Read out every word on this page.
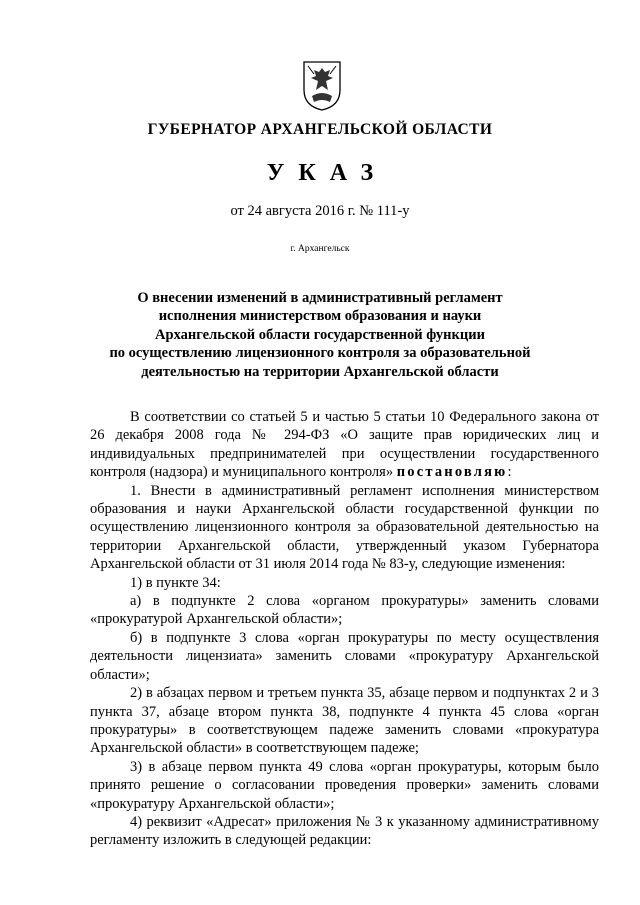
ГУБЕРНАТОР АРХАНГЕЛЬСКОЙ ОБЛАСТИ
УКАЗ
от 24 августа 2016 г. № 111-у
г. Архангельск
О внесении изменений в административный регламент
исполнения министерством образования и науки
Архангельской области государственной функции
по осуществлению лицензионного контроля за образовательной
деятельностью на территории Архангельской области

В соответствии со статьей 5 и частью 5 статьи 10 Федерального закона от 26 декабря 2008 года № 294-ФЗ «О защите прав юридических лиц и индивидуальных предпринимателей при осуществлении государственного контроля (надзора) и муниципального контроля» постановляю:

1. Внести в административный регламент исполнения министерством образования и науки Архангельской области государственной функции по осуществлению лицензионного контроля за образовательной деятельностью на территории Архангельской области, утвержденный указом Губернатора Архангельской области от 31 июля 2014 года № 83-у, следующие изменения:

1) в пункте 34:

а) в подпункте 2 слова «органом прокуратуры» заменить словами «прокуратурой Архангельской области»;

б) в подпункте 3 слова «орган прокуратуры по месту осуществления деятельности лицензиата» заменить словами «прокуратуру Архангельской области»;

2) в абзацах первом и третьем пункта 35, абзаце первом и подпунктах 2 и 3 пункта 37, абзаце втором пункта 38, подпункте 4 пункта 45 слова «орган прокуратуры» в соответствующем падеже заменить словами «прокуратура Архангельской области» в соответствующем падеже;

3) в абзаце первом пункта 49 слова «орган прокуратуры, которым было принято решение о согласовании проведения проверки» заменить словами «прокуратуру Архангельской области»;

4) реквизит «Адресат» приложения № 3 к указанному административному регламенту изложить в следующей редакции:
